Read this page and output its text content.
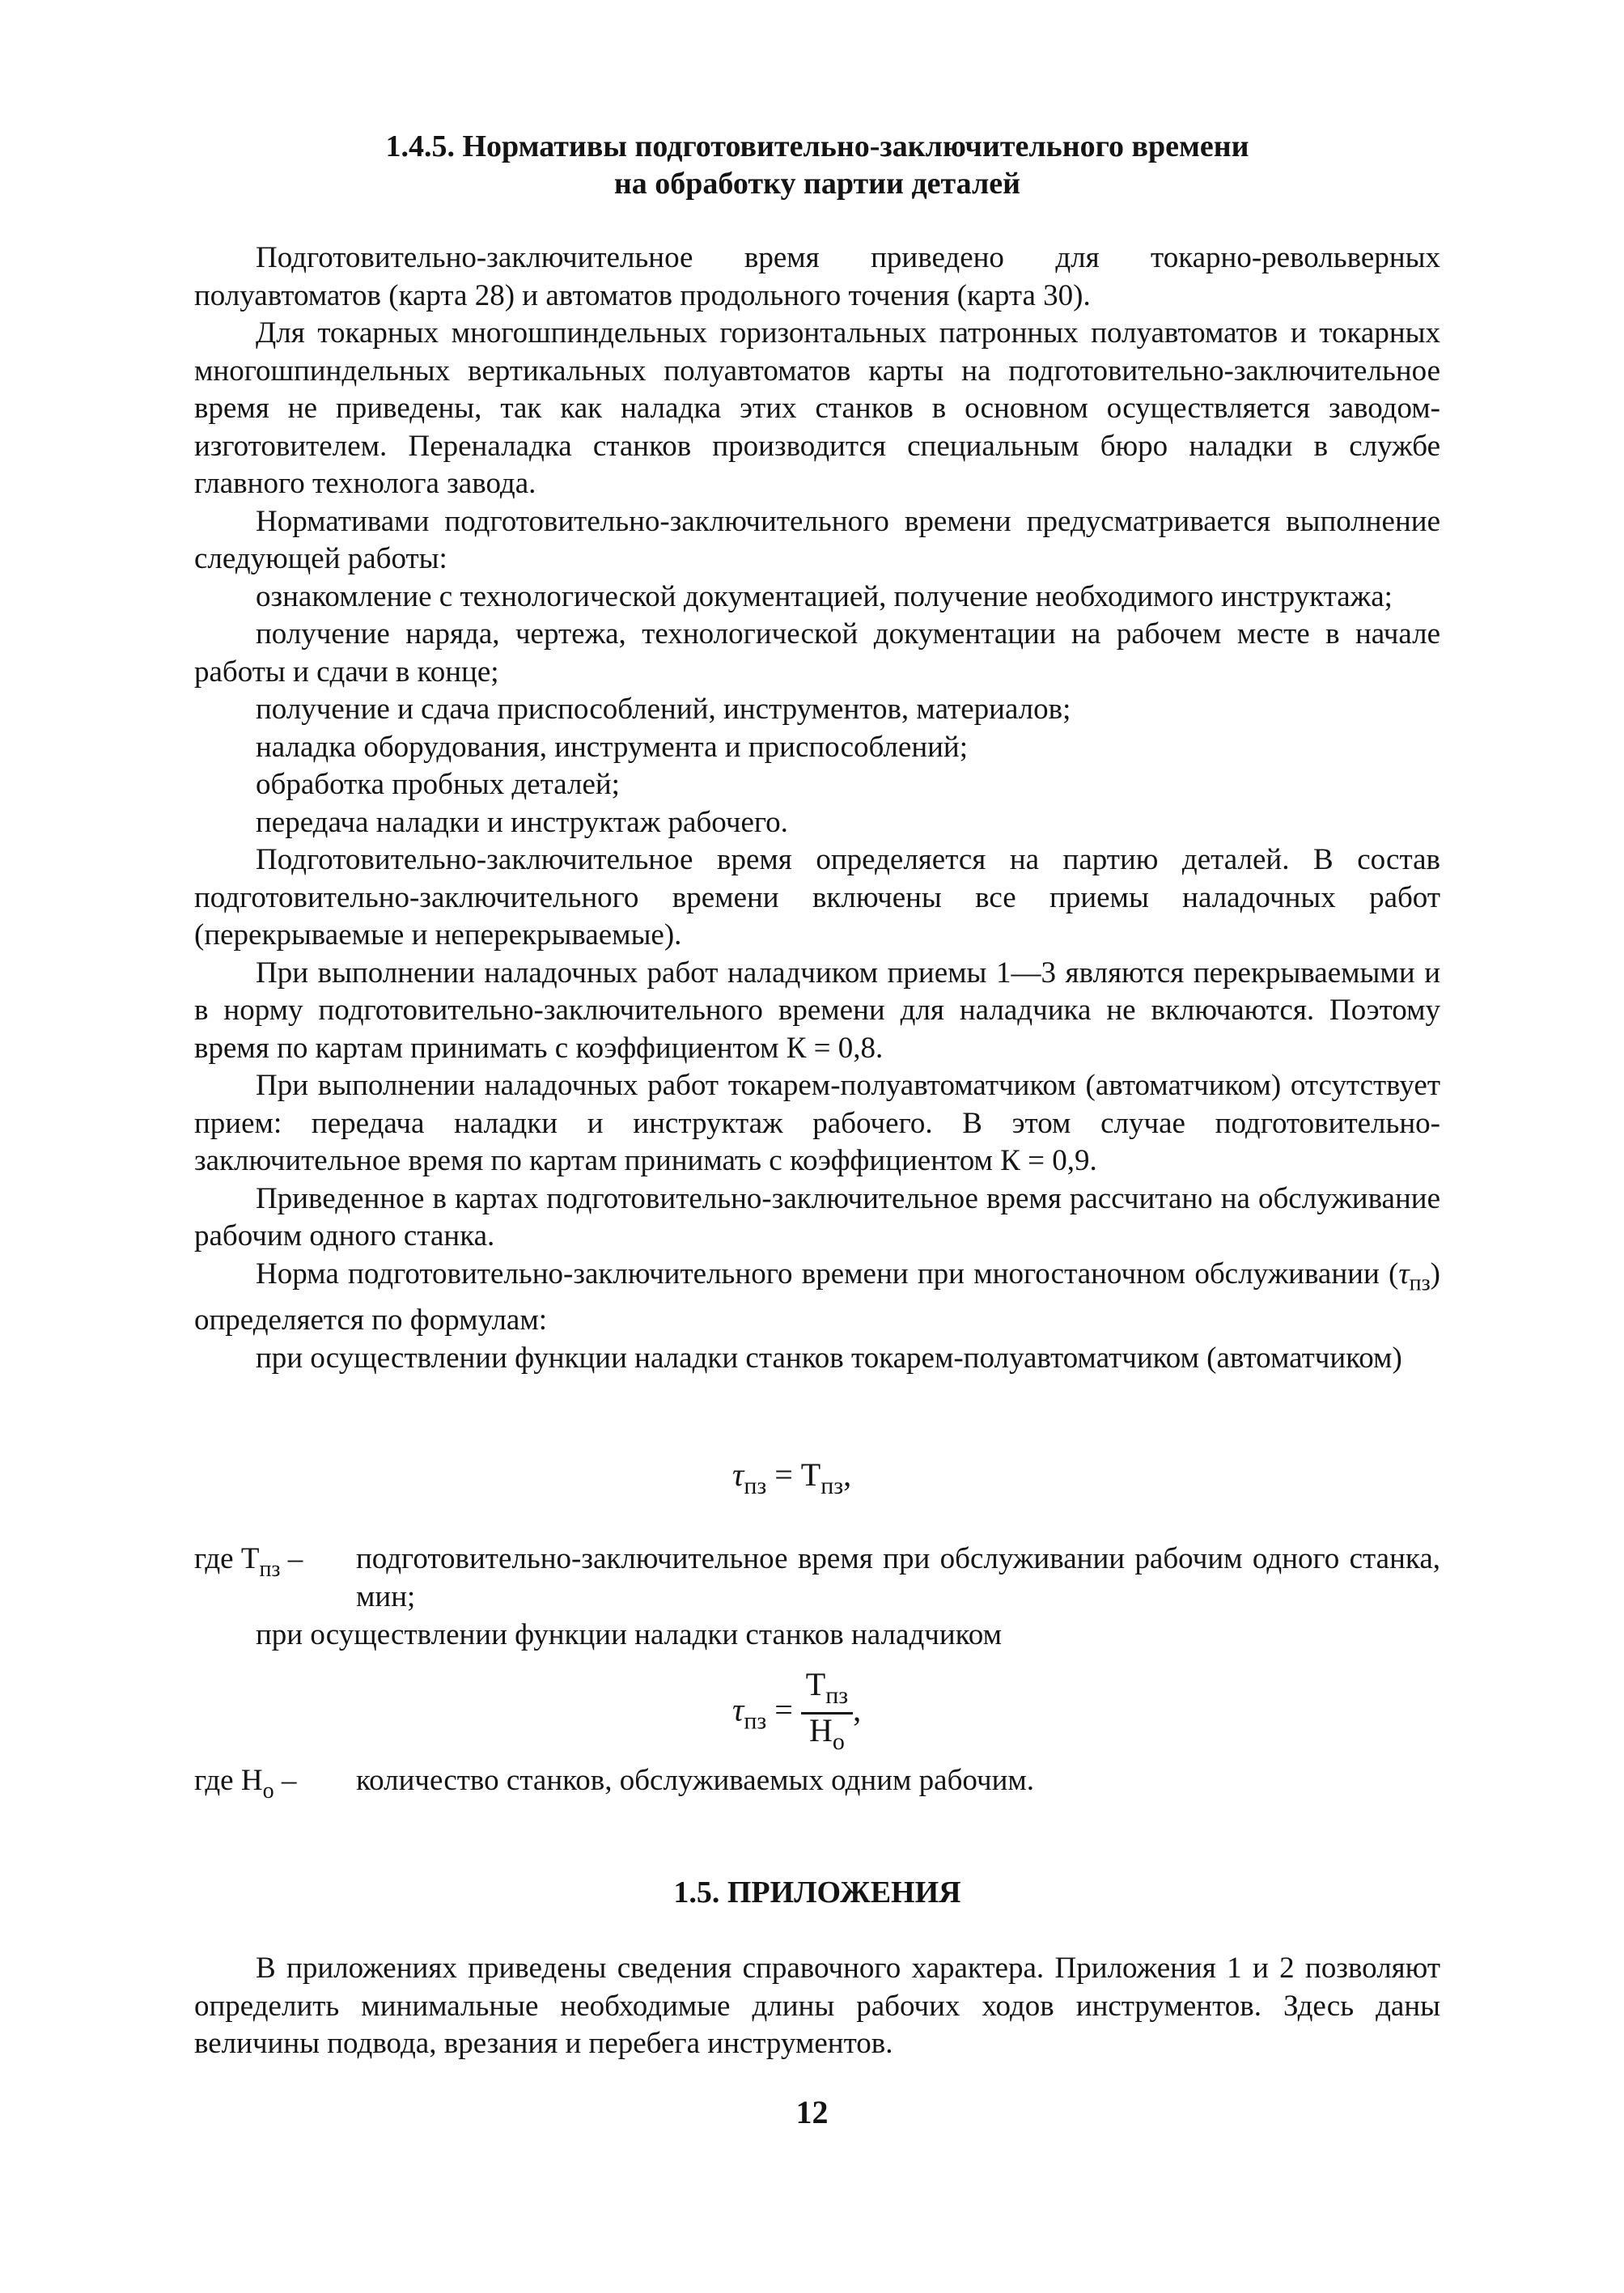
1.4.5. Нормативы подготовительно-заключительного времени
на обработку партии деталей

Подготовительно-заключительное время приведено для токарно-револьверных полуавтоматов (карта 28) и автоматов продольного точения (карта 30).

Для токарных многошпиндельных горизонтальных патронных полуавтоматов и токарных многошпиндельных вертикальных полуавтоматов карты на подготовительно-заключительное время не приведены, так как наладка этих станков в основном осуществляется заводом-изготовителем. Переналадка станков производится специальным бюро наладки в службе главного технолога завода.

Нормативами подготовительно-заключительного времени предусматривается выполнение следующей работы:

ознакомление с технологической документацией, получение необходимого инструктажа;

получение наряда, чертежа, технологической документации на рабочем месте в начале работы и сдачи в конце;

получение и сдача приспособлений, инструментов, материалов;

наладка оборудования, инструмента и приспособлений;

обработка пробных деталей;

передача наладки и инструктаж рабочего.

Подготовительно-заключительное время определяется на партию деталей. В состав подготовительно-заключительного времени включены все приемы наладочных работ (перекрываемые и неперекрываемые).

При выполнении наладочных работ наладчиком приемы 1—3 являются перекрываемыми и в норму подготовительно-заключительного времени для наладчика не включаются. Поэтому время по картам принимать с коэффициентом К = 0,8.

При выполнении наладочных работ токарем-полуавтоматчиком (автоматчиком) отсутствует прием: передача наладки и инструктаж рабочего. В этом случае подготовительно-заключительное время по картам принимать с коэффициентом К = 0,9.

Приведенное в картах подготовительно-заключительное время рассчитано на обслуживание рабочим одного станка.

Норма подготовительно-заключительного времени при многостаночном обслуживании $(\tau_{пз})$ определяется по формулам:

при осуществлении функции наладки станков токарем-полуавтоматчиком (автоматчиком)

$\tau_{пз} = Т_{пз}$,
где $Т_{пз}$ – подготовительно-заключительное время при обслуживании рабочим одного станка, мин;

при осуществлении функции наладки станков наладчиком

$\tau_{пз} = \frac{Т_{пз}}{Н_о}$ ,
где $Н_о$ – количество станков, обслуживаемых одним рабочим.
1.5. ПРИЛОЖЕНИЯ

В приложениях приведены сведения справочного характера. Приложения 1 и 2 позволяют определить минимальные необходимые длины рабочих ходов инструментов. Здесь даны величины подвода, врезания и перебега инструментов.

12
